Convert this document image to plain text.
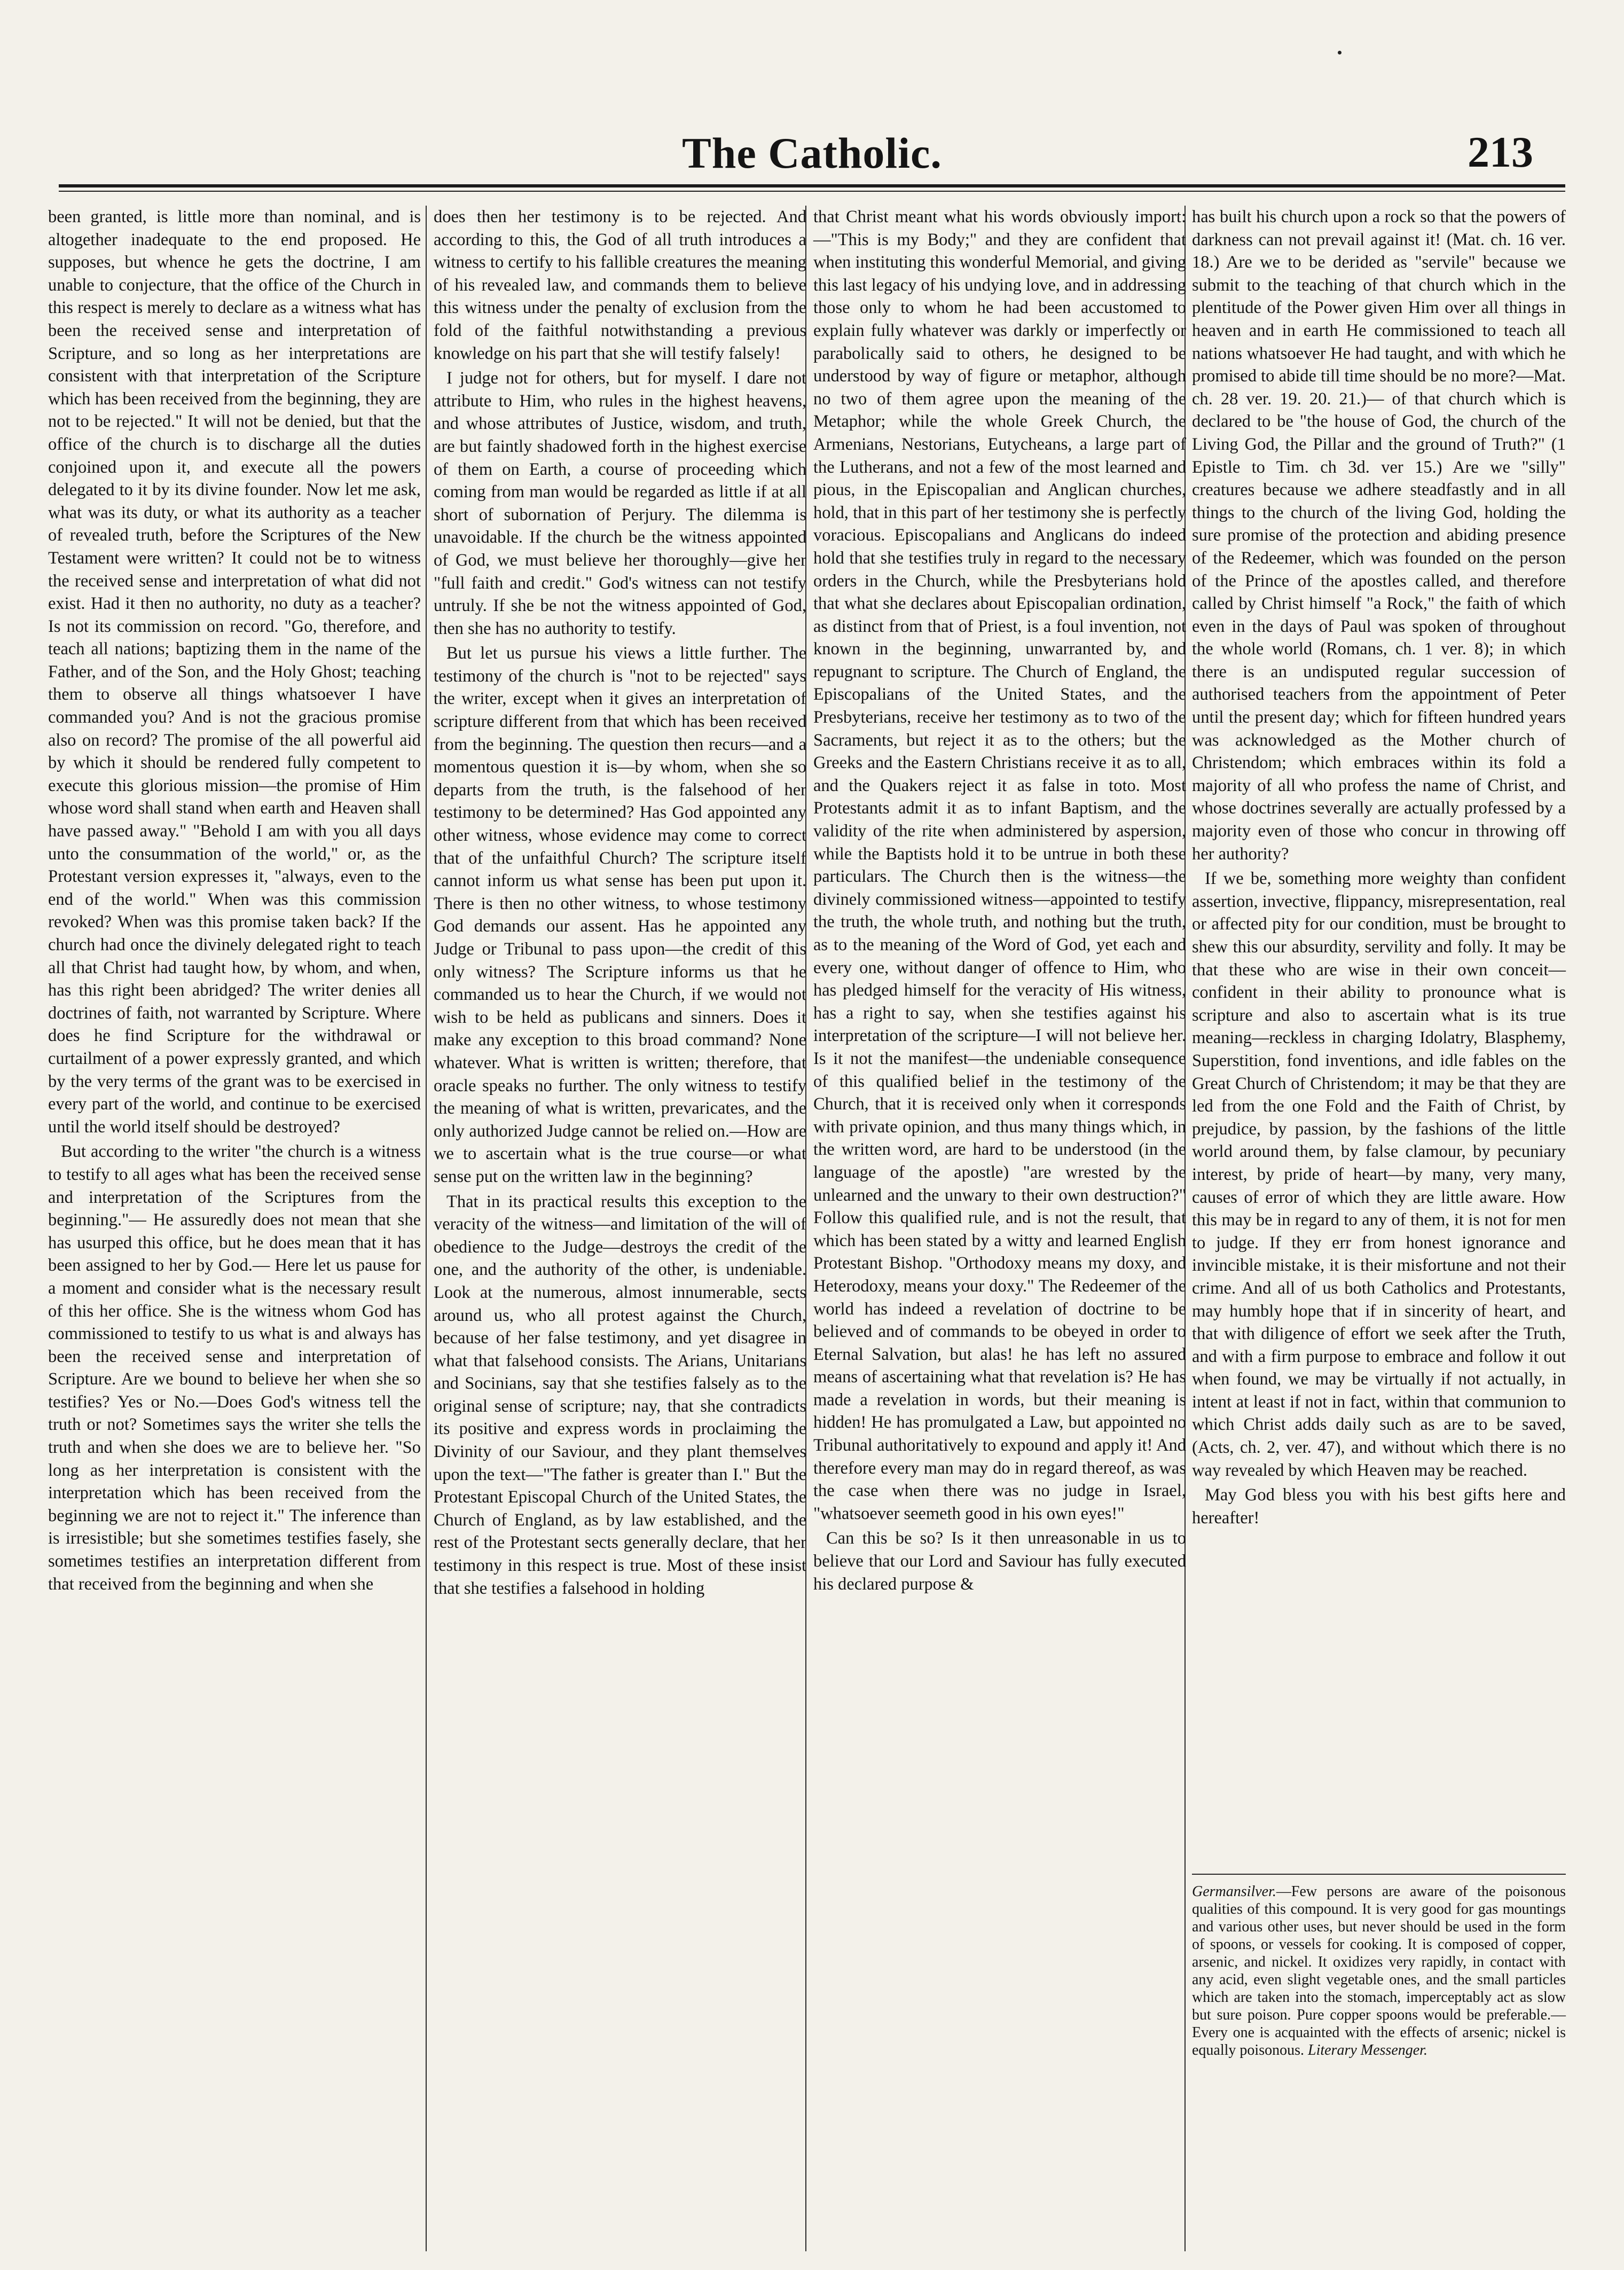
The Catholic.	213

been granted, is little more than nominal, and is altogether inadequate to the end proposed. He supposes, but whence he gets the doctrine, I am unable to conjecture, that the office of the Church in this respect is merely to declare as a witness what has been the received sense and interpretation of Scripture, and so long as her interpretations are consistent with that interpretation of the Scripture which has been received from the beginning, they are not to be rejected." It will not be denied, but that the office of the church is to discharge all the duties conjoined upon it, and execute all the powers delegated to it by its divine founder. Now let me ask, what was its duty, or what its authority as a teacher of revealed truth, before the Scriptures of the New Testament were written? It could not be to witness the received sense and interpretation of what did not exist. Had it then no authority, no duty as a teacher? Is not its commission on record. "Go, therefore, and teach all nations; baptizing them in the name of the Father, and of the Son, and the Holy Ghost; teaching them to observe all things whatsoever I have commanded you? And is not the gracious promise also on record? The promise of the all powerful aid by which it should be rendered fully competent to execute this glorious mission—the promise of Him whose word shall stand when earth and Heaven shall have passed away." "Behold I am with you all days unto the consummation of the world," or, as the Protestant version expresses it, "always, even to the end of the world." When was this commission revoked? When was this promise taken back? If the church had once the divinely delegated right to teach all that Christ had taught how, by whom, and when, has this right been abridged? The writer denies all doctrines of faith, not warranted by Scripture. Where does he find Scripture for the withdrawal or curtailment of a power expressly granted, and which by the very terms of the grant was to be exercised in every part of the world, and continue to be exercised until the world itself should be destroyed?

But according to the writer "the church is a witness to testify to all ages what has been the received sense and interpretation of the Scriptures from the beginning."— He assuredly does not mean that she has usurped this office, but he does mean that it has been assigned to her by God.— Here let us pause for a moment and consider what is the necessary result of this her office. She is the witness whom God has commissioned to testify to us what is and always has been the received sense and interpretation of Scripture. Are we bound to believe her when she so testifies? Yes or No.—Does God's witness tell the truth or not? Sometimes says the writer she tells the truth and when she does we are to believe her. "So long as her interpretation is consistent with the interpretation which has been received from the beginning we are not to reject it." The inference than is irresistible; but she sometimes testifies fasely, she sometimes testifies an interpretation different from that received from the beginning and when she

does then her testimony is to be rejected. And according to this, the God of all truth introduces a witness to certify to his fallible creatures the meaning of his revealed law, and commands them to believe this witness under the penalty of exclusion from the fold of the faithful notwithstanding a previous knowledge on his part that she will testify falsely!

I judge not for others, but for myself. I dare not attribute to Him, who rules in the highest heavens, and whose attributes of Justice, wisdom, and truth, are but faintly shadowed forth in the highest exercise of them on Earth, a course of proceeding which coming from man would be regarded as little if at all short of subornation of Perjury. The dilemma is unavoidable. If the church be the witness appointed of God, we must believe her thoroughly—give her "full faith and credit." God's witness can not testify untruly. If she be not the witness appointed of God, then she has no authority to testify.

But let us pursue his views a little further. The testimony of the church is "not to be rejected" says the writer, except when it gives an interpretation of scripture different from that which has been received from the beginning. The question then recurs—and a momentous question it is—by whom, when she so departs from the truth, is the falsehood of her testimony to be determined? Has God appointed any other witness, whose evidence may come to correct that of the unfaithful Church? The scripture itself cannot inform us what sense has been put upon it. There is then no other witness, to whose testimony God demands our assent. Has he appointed any Judge or Tribunal to pass upon—the credit of this only witness? The Scripture informs us that he commanded us to hear the Church, if we would not wish to be held as publicans and sinners. Does it make any exception to this broad command? None whatever. What is written is written; therefore, that oracle speaks no further. The only witness to testify the meaning of what is written, prevaricates, and the only authorized Judge cannot be relied on.—How are we to ascertain what is the true course—or what sense put on the written law in the beginning?

That in its practical results this exception to the veracity of the witness—and limitation of the will of obedience to the Judge—destroys the credit of the one, and the authority of the other, is undeniable. Look at the numerous, almost innumerable, sects around us, who all protest against the Church, because of her false testimony, and yet disagree in what that falsehood consists. The Arians, Unitarians and Socinians, say that she testifies falsely as to the original sense of scripture; nay, that she contradicts its positive and express words in proclaiming the Divinity of our Saviour, and they plant themselves upon the text—"The father is greater than I." But the Protestant Episcopal Church of the United States, the Church of England, as by law established, and the rest of the Protestant sects generally declare, that her testimony in this respect is true. Most of these insist that she testifies a falsehood in holding

that Christ meant what his words obviously import:—"This is my Body;" and they are confident that when instituting this wonderful Memorial, and giving this last legacy of his undying love, and in addressing those only to whom he had been accustomed to explain fully whatever was darkly or imperfectly or parabolically said to others, he designed to be understood by way of figure or metaphor, although no two of them agree upon the meaning of the Metaphor; while the whole Greek Church, the Armenians, Nestorians, Eutycheans, a large part of the Lutherans, and not a few of the most learned and pious, in the Episcopalian and Anglican churches, hold, that in this part of her testimony she is perfectly voracious. Episcopalians and Anglicans do indeed hold that she testifies truly in regard to the necessary orders in the Church, while the Presbyterians hold that what she declares about Episcopalian ordination, as distinct from that of Priest, is a foul invention, not known in the beginning, unwarranted by, and repugnant to scripture. The Church of England, the Episcopalians of the United States, and the Presbyterians, receive her testimony as to two of the Sacraments, but reject it as to the others; but the Greeks and the Eastern Christians receive it as to all, and the Quakers reject it as false in toto. Most Protestants admit it as to infant Baptism, and the validity of the rite when administered by aspersion, while the Baptists hold it to be untrue in both these particulars. The Church then is the witness—the divinely commissioned witness—appointed to testify the truth, the whole truth, and nothing but the truth, as to the meaning of the Word of God, yet each and every one, without danger of offence to Him, who has pledged himself for the veracity of His witness, has a right to say, when she testifies against his interpretation of the scripture—I will not believe her. Is it not the manifest—the undeniable consequence of this qualified belief in the testimony of the Church, that it is received only when it corresponds with private opinion, and thus many things which, in the written word, are hard to be understood (in the language of the apostle) "are wrested by the unlearned and the unwary to their own destruction?" Follow this qualified rule, and is not the result, that which has been stated by a witty and learned English Protestant Bishop. "Orthodoxy means my doxy, and Heterodoxy, means your doxy." The Redeemer of the world has indeed a revelation of doctrine to be believed and of commands to be obeyed in order to Eternal Salvation, but alas! he has left no assured means of ascertaining what that revelation is? He has made a revelation in words, but their meaning is hidden! He has promulgated a Law, but appointed no Tribunal authoritatively to expound and apply it! And therefore every man may do in regard thereof, as was the case when there was no judge in Israel, "whatsoever seemeth good in his own eyes!"

Can this be so? Is it then unreasonable in us to believe that our Lord and Saviour has fully executed his declared purpose &

has built his church upon a rock so that the powers of darkness can not prevail against it! (Mat. ch. 16 ver. 18.) Are we to be derided as "servile" because we submit to the teaching of that church which in the plentitude of the Power given Him over all things in heaven and in earth He commissioned to teach all nations whatsoever He had taught, and with which he promised to abide till time should be no more?—Mat. ch. 28 ver. 19. 20. 21.)— of that church which is declared to be "the house of God, the church of the Living God, the Pillar and the ground of Truth?" (1 Epistle to Tim. ch 3d. ver 15.) Are we "silly" creatures because we adhere steadfastly and in all things to the church of the living God, holding the sure promise of the protection and abiding presence of the Redeemer, which was founded on the person of the Prince of the apostles called, and therefore called by Christ himself "a Rock," the faith of which even in the days of Paul was spoken of throughout the whole world (Romans, ch. 1 ver. 8); in which there is an undisputed regular succession of authorised teachers from the appointment of Peter until the present day; which for fifteen hundred years was acknowledged as the Mother church of Christendom; which embraces within its fold a majority of all who profess the name of Christ, and whose doctrines severally are actually professed by a majority even of those who concur in throwing off her authority?

If we be, something more weighty than confident assertion, invective, flippancy, misrepresentation, real or affected pity for our condition, must be brought to shew this our absurdity, servility and folly. It may be that these who are wise in their own conceit—confident in their ability to pronounce what is scripture and also to ascertain what is its true meaning—reckless in charging Idolatry, Blasphemy, Superstition, fond inventions, and idle fables on the Great Church of Christendom; it may be that they are led from the one Fold and the Faith of Christ, by prejudice, by passion, by the fashions of the little world around them, by false clamour, by pecuniary interest, by pride of heart—by many, very many, causes of error of which they are little aware. How this may be in regard to any of them, it is not for men to judge. If they err from honest ignorance and invincible mistake, it is their misfortune and not their crime. And all of us both Catholics and Protestants, may humbly hope that if in sincerity of heart, and that with diligence of effort we seek after the Truth, and with a firm purpose to embrace and follow it out when found, we may be virtually if not actually, in intent at least if not in fact, within that communion to which Christ adds daily such as are to be saved, (Acts, ch. 2, ver. 47), and without which there is no way revealed by which Heaven may be reached.

May God bless you with his best gifts here and hereafter!

Germansilver.—Few persons are aware of the poisonous qualities of this compound. It is very good for gas mountings and various other uses, but never should be used in the form of spoons, or vessels for cooking. It is composed of copper, arsenic, and nickel. It oxidizes very rapidly, in contact with any acid, even slight vegetable ones, and the small particles which are taken into the stomach, imperceptably act as slow but sure poison. Pure copper spoons would be preferable.— Every one is acquainted with the effects of arsenic; nickel is equally poisonous. Literary Messenger.
